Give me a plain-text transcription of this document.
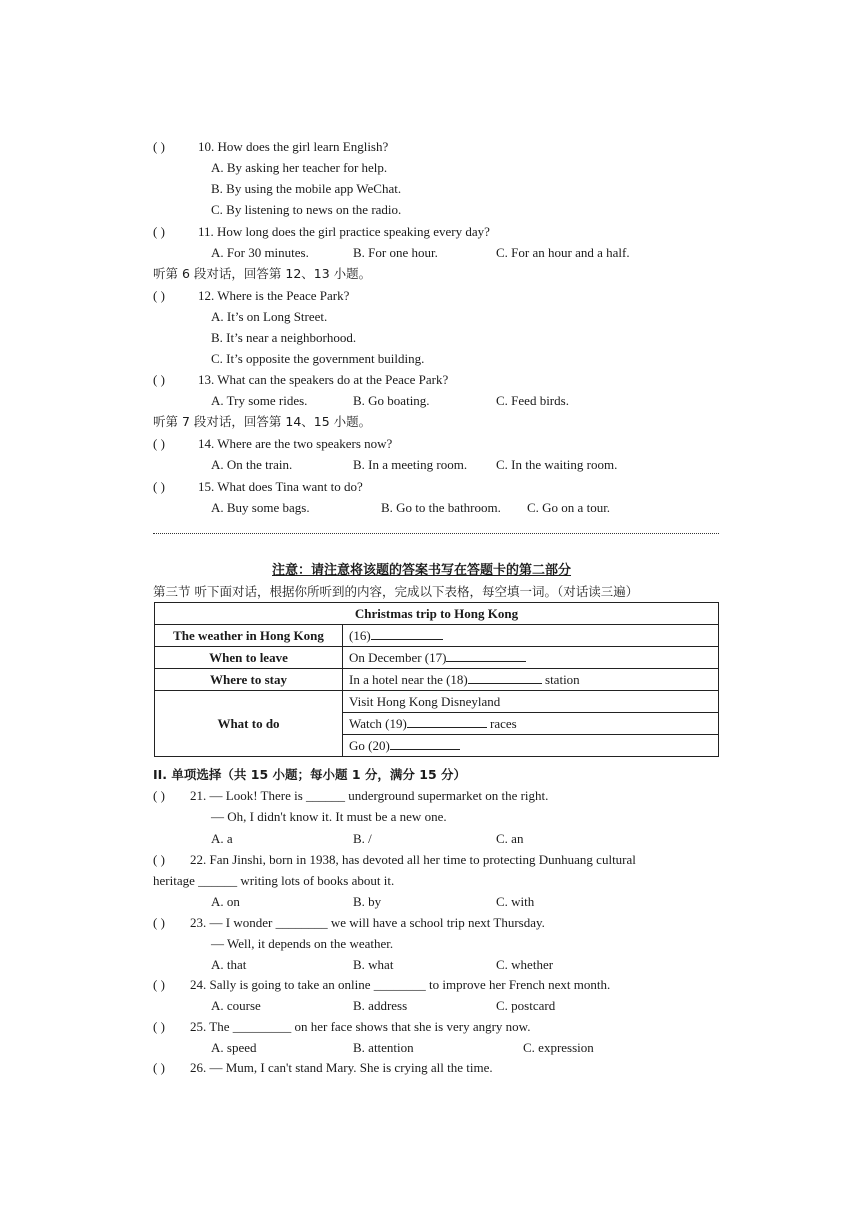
( )	10. How does the girl learn English?
A. By asking her teacher for help.
B. By using the mobile app WeChat.
C. By listening to news on the radio.
( )	11. How long does the girl practice speaking every day?
A. For 30 minutes.	B. For one hour.	C. For an hour and a half.
听第 6 段对话，回答第 12、13 小题。
( )	12. Where is the Peace Park?
A. It’s on Long Street.
B. It’s near a neighborhood.
C. It’s opposite the government building.
( )	13. What can the speakers do at the Peace Park?
A. Try some rides.	B. Go boating.	C. Feed birds.
听第 7 段对话，回答第 14、15 小题。
( )	14. Where are the two speakers now?
A. On the train.	B. In a meeting room. C. In the waiting room.
( )	15. What does Tina want to do?
A. Buy some bags.	B. Go to the bathroom. C. Go on a tour.
注意：请注意将该题的答案书写在答题卡的第二部分
第三节 听下面对话，根据你所听到的内容，完成以下表格，每空填一词。（对话读三遍）
Christmas trip to Hong Kong	
The weather in Hong Kong	(16)
When to leave	On December (17)
Where to stay	In a hotel near the (18) station
What to do	Visit Hong Kong Disneyland
	Watch (19) races
	Go (20)
II. 单项选择（共 15 小题；每小题 1 分，满分 15 分）
( ) 21. — Look! There is ______ underground supermarket on the right.
— Oh, I didn't know it. It must be a new one.
A. a	B. /	C. an
( ) 22. Fan Jinshi, born in 1938, has devoted all her time to protecting Dunhuang cultural
heritage ______ writing lots of books about it.
A. on	B. by	C. with
( ) 23. — I wonder ________ we will have a school trip next Thursday.
— Well, it depends on the weather.
A. that	B. what	C. whether
( ) 24. Sally is going to take an online ________ to improve her French next month.
A. course	B. address	C. postcard
( ) 25. The _________ on her face shows that she is very angry now.
A. speed	B. attention	C. expression
( ) 26. — Mum, I can't stand Mary. She is crying all the time.
